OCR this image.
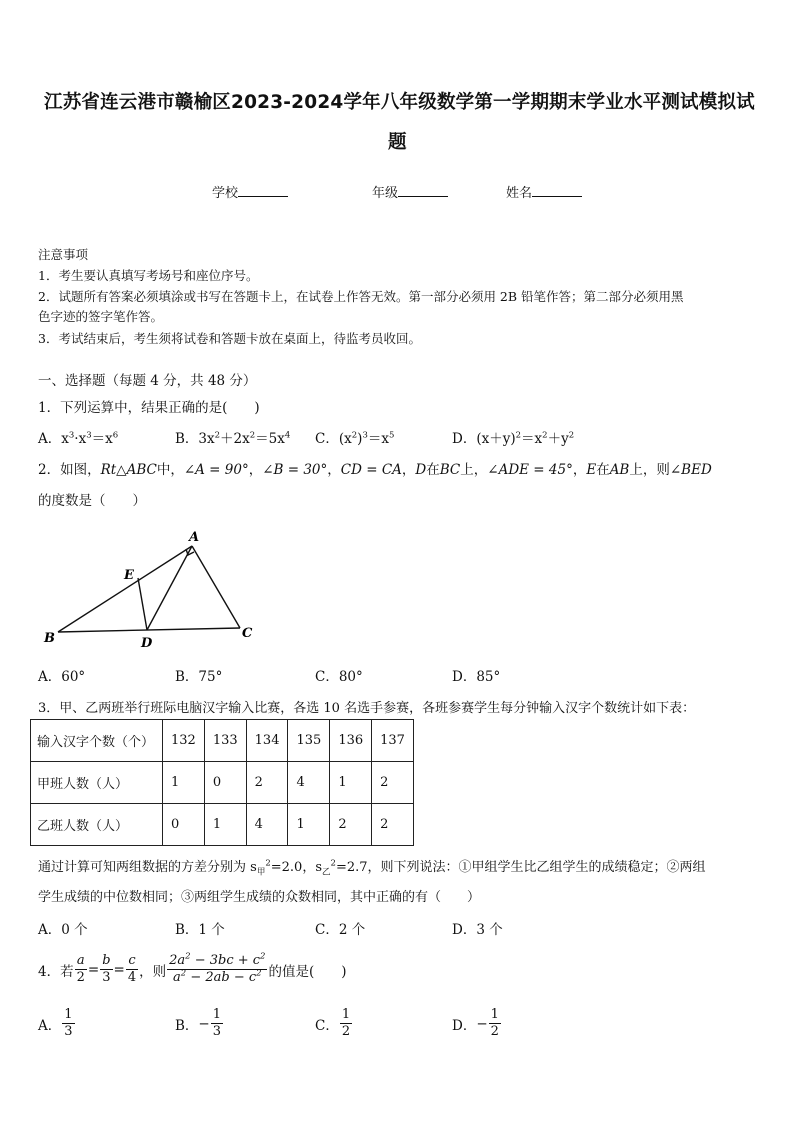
江苏省连云港市赣榆区2023-2024学年八年级数学第一学期期末学业水平测试模拟试
题
学校	年级	姓名
注意事项
1．考生要认真填写考场号和座位序号。
2．试题所有答案必须填涂或书写在答题卡上，在试卷上作答无效。第一部分必须用 2B 铅笔作答；第二部分必须用黑
色字迹的签字笔作答。
3．考试结束后，考生须将试卷和答题卡放在桌面上，待监考员收回。
一、选择题（每题 4 分，共 48 分）
1．下列运算中，结果正确的是(　　)
A．$x^3\cdot x^3=x^6$	B．$3x^2+2x^2=5x^4$ C．$(x^2)^3=x^5$	D．$(x+y)^2=x^2+y^2$
2．如图，Rt△ABC中，∠A = 90°，∠B = 30°，CD = CA，D在BC上，∠ADE = 45°，E在AB上，则∠BED
的度数是（　　）
A
B	C
D
E
A．60°	B．75°	C．80°	D．85°
3．甲、乙两班举行班际电脑汉字输入比赛，各选 10 名选手参赛，各班参赛学生每分钟输入汉字个数统计如下表：
输入汉字个数（个）	132	133	134	135	136	137
甲班人数（人）	1	0	2	4	1	2
乙班人数（人）	0	1	4	1	2	2
通过计算可知两组数据的方差分别为 $s_甲^2=2.0$，$s_乙^2=2.7$，则下列说法：①甲组学生比乙组学生的成绩稳定；②两组
学生成绩的中位数相同；③两组学生成绩的众数相同，其中正确的有（　　）
A．0 个	B．1 个	C．2 个	D．3 个
4．若 $\frac{a}{2} = \frac{b}{3} = \frac{c}{4}$ ，则 $\frac{2a^2 - 3bc + c^2}{a^2 - 2ab - c^2}$ 的值是(　　)
A． $\frac{1}{3}$	B． − $\frac{1}{3}$	C． $\frac{1}{2}$	D． − $\frac{1}{2}$
